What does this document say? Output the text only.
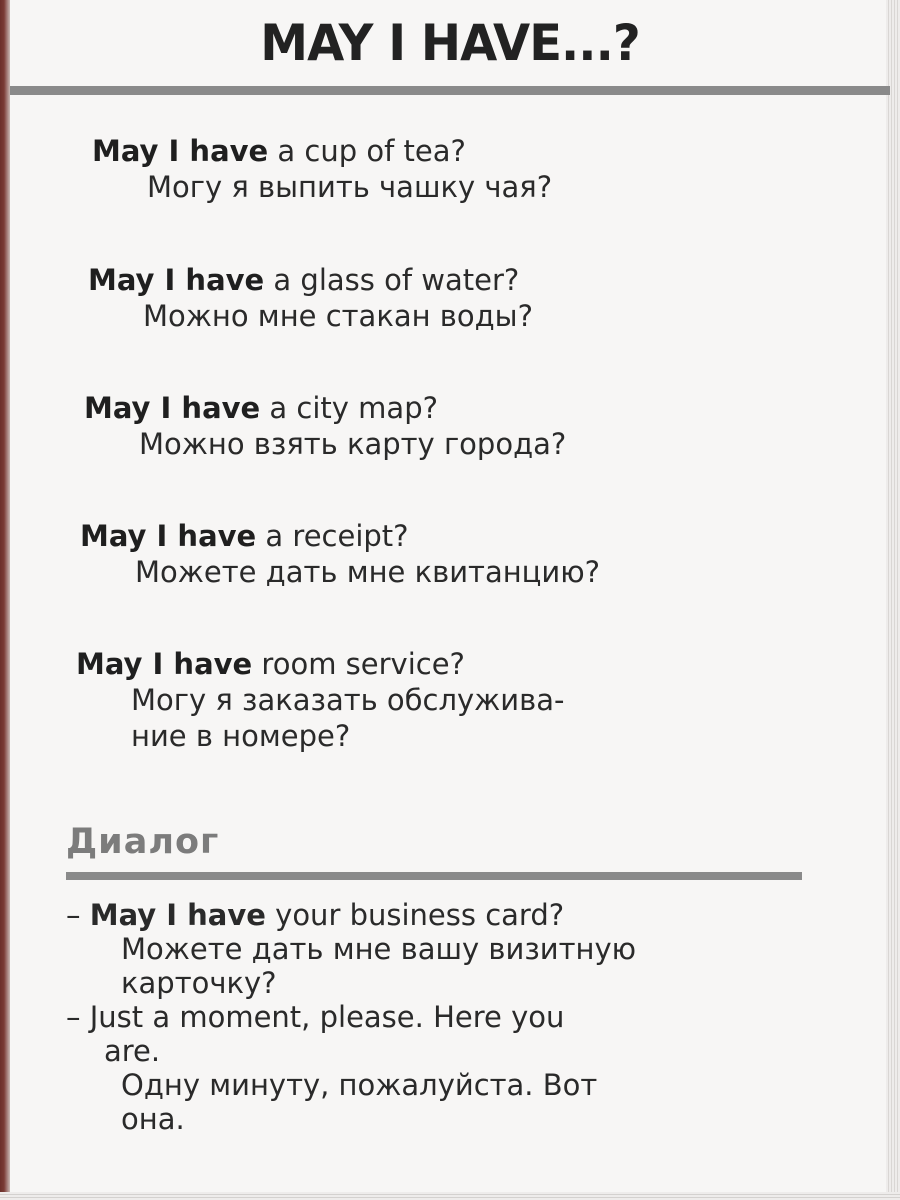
MAY I HAVE...?
May I have a cup of tea?
Могу я выпить чашку чая?
May I have a glass of water?
Можно мне стакан воды?
May I have a city map?
Можно взять карту города?
May I have a receipt?
Можете дать мне квитанцию?
May I have room service?
Могу я заказать обслужива-
ние в номере?
Диалог
– May I have your business card?
Можете дать мне вашу визитную
карточку?
– Just a moment, please. Here you
are.
Одну минуту, пожалуйста. Вот
она.
